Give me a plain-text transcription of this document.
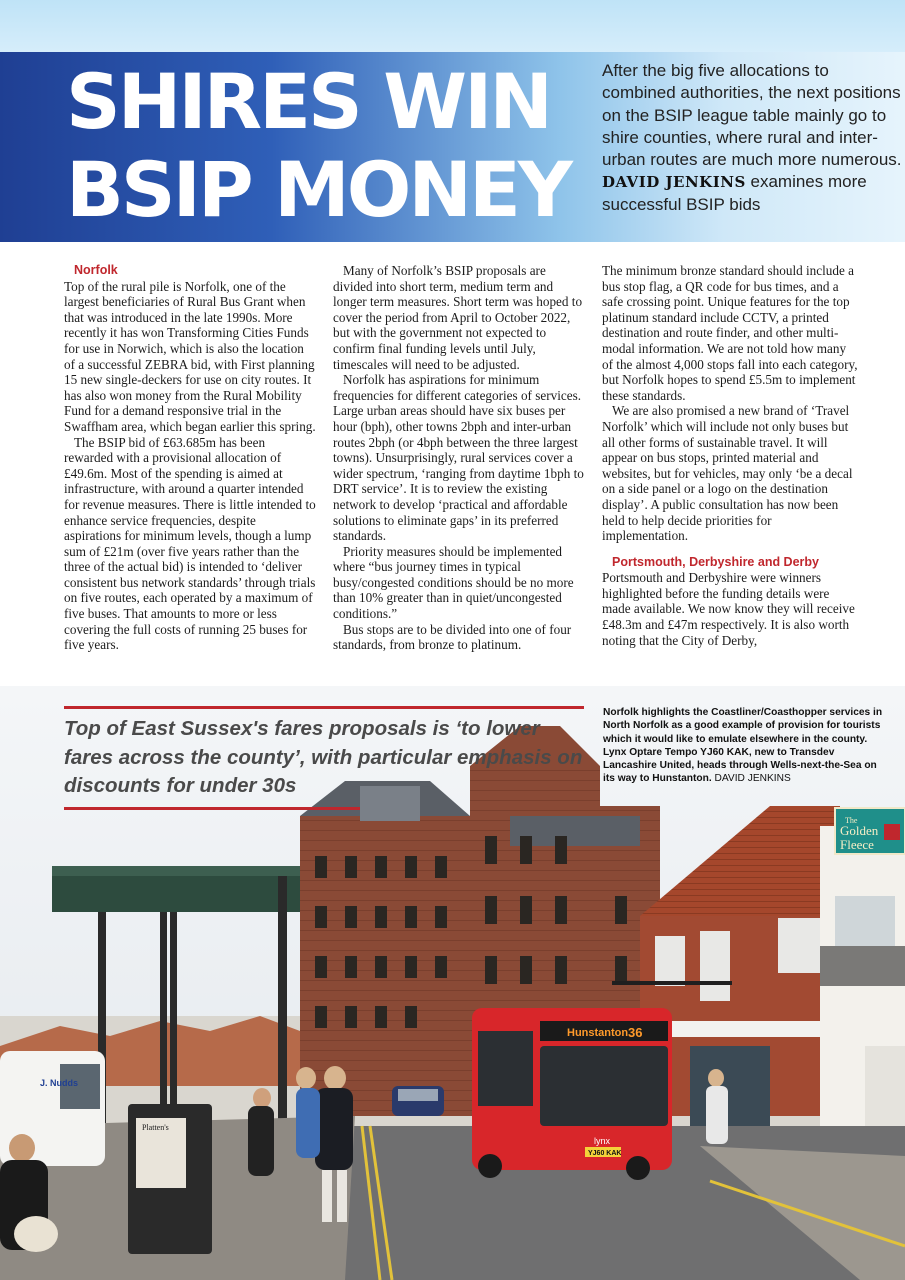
SHIRES WIN
BSIP MONEY

After the big five allocations to combined authorities, the next positions on the BSIP league table mainly go to shire counties, where rural and inter-urban routes are much more numerous. DAVID JENKINS examines more successful BSIP bids

Norfolk

Top of the rural pile is Norfolk, one of the largest beneficiaries of Rural Bus Grant when that was introduced in the late 1990s. More recently it has won Transforming Cities Funds for use in Norwich, which is also the location of a successful ZEBRA bid, with First planning 15 new single-deckers for use on city routes. It has also won money from the Rural Mobility Fund for a demand responsive trial in the Swaffham area, which began earlier this spring.

The BSIP bid of £63.685m has been rewarded with a provisional allocation of £49.6m. Most of the spending is aimed at infrastructure, with around a quarter intended for revenue measures. There is little intended to enhance service frequencies, despite aspirations for minimum levels, though a lump sum of £21m (over five years rather than the three of the actual bid) is intended to ‘deliver consistent bus network standards’ through trials on five routes, each operated by a maximum of five buses. That amounts to more or less covering the full costs of running 25 buses for five years.

Many of Norfolk’s BSIP proposals are divided into short term, medium term and longer term measures. Short term was hoped to cover the period from April to October 2022, but with the government not expected to confirm final funding levels until July, timescales will need to be adjusted.

Norfolk has aspirations for minimum frequencies for different categories of services. Large urban areas should have six buses per hour (bph), other towns 2bph and inter-urban routes 2bph (or 4bph between the three largest towns). Unsurprisingly, rural services cover a wider spectrum, ‘ranging from daytime 1bph to DRT service’. It is to review the existing network to develop ‘practical and affordable solutions to eliminate gaps’ in its preferred standards.

Priority measures should be implemented where “bus journey times in typical busy/congested conditions should be no more than 10% greater than in quiet/uncongested conditions.”

Bus stops are to be divided into one of four standards, from bronze to platinum.

The minimum bronze standard should include a bus stop flag, a QR code for bus times, and a safe crossing point. Unique features for the top platinum standard include CCTV, a printed destination and route finder, and other multi-modal information. We are not told how many of the almost 4,000 stops fall into each category, but Norfolk hopes to spend £5.5m to implement these standards.

We are also promised a new brand of ‘Travel Norfolk’ which will include not only buses but all other forms of sustainable travel. It will appear on bus stops, printed material and websites, but for vehicles, may only ‘be a decal on a side panel or a logo on the destination display’. A public consultation has now been held to help decide priorities for implementation.

Portsmouth, Derbyshire and Derby

Portsmouth and Derbyshire were winners highlighted before the funding details were made available. We now know they will receive £48.3m and £47m respectively. It is also worth noting that the City of Derby,

The
Golden
Fleece
Hunstanton 36
lynx
YJ60 KAK
J. Nudds
Platten's

Top of East Sussex's fares proposals is ‘to lower fares across the county’, with particular emphasis on discounts for under 30s

Norfolk highlights the Coastliner/Coasthopper services in North Norfolk as a good example of provision for tourists which it would like to emulate elsewhere in the county. Lynx Optare Tempo YJ60 KAK, new to Transdev Lancashire United, heads through Wells-next-the-Sea on its way to Hunstanton. DAVID JENKINS
